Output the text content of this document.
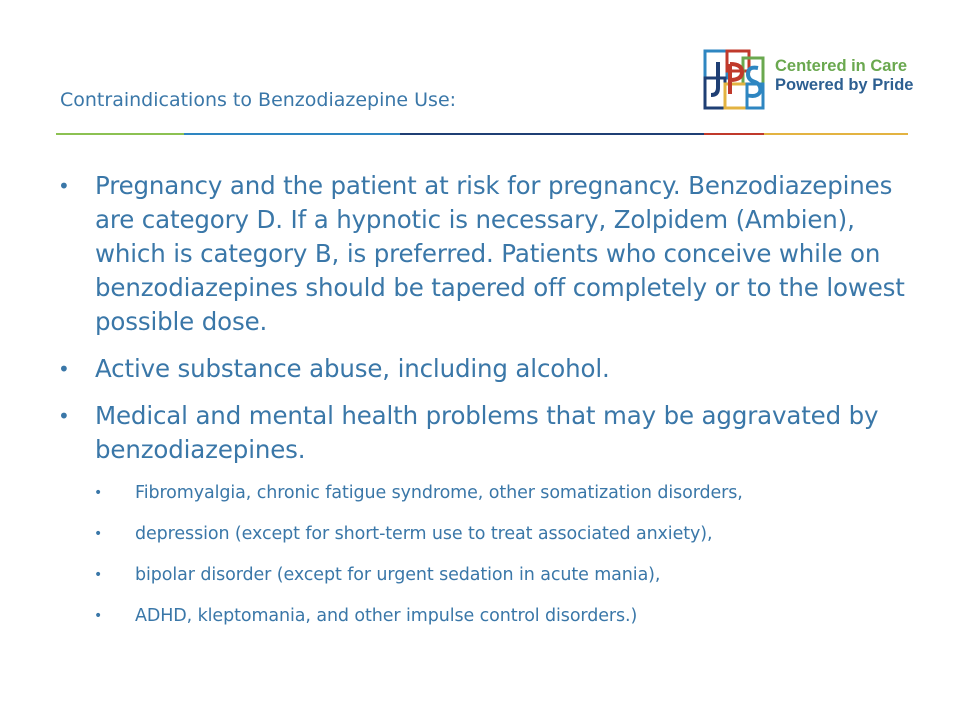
Contraindications to Benzodiazepine Use:
Centered in Care
Powered by Pride
• Pregnancy and the patient at risk for pregnancy. Benzodiazepines are category D. If a hypnotic is necessary, Zolpidem (Ambien), which is category B, is preferred. Patients who conceive while on benzodiazepines should be tapered off completely or to the lowest possible dose.
• Active substance abuse, including alcohol.
• Medical and mental health problems that may be aggravated by benzodiazepines.
• Fibromyalgia, chronic fatigue syndrome, other somatization disorders,
• depression (except for short-term use to treat associated anxiety),
• bipolar disorder (except for urgent sedation in acute mania),
• ADHD, kleptomania, and other impulse control disorders.)
